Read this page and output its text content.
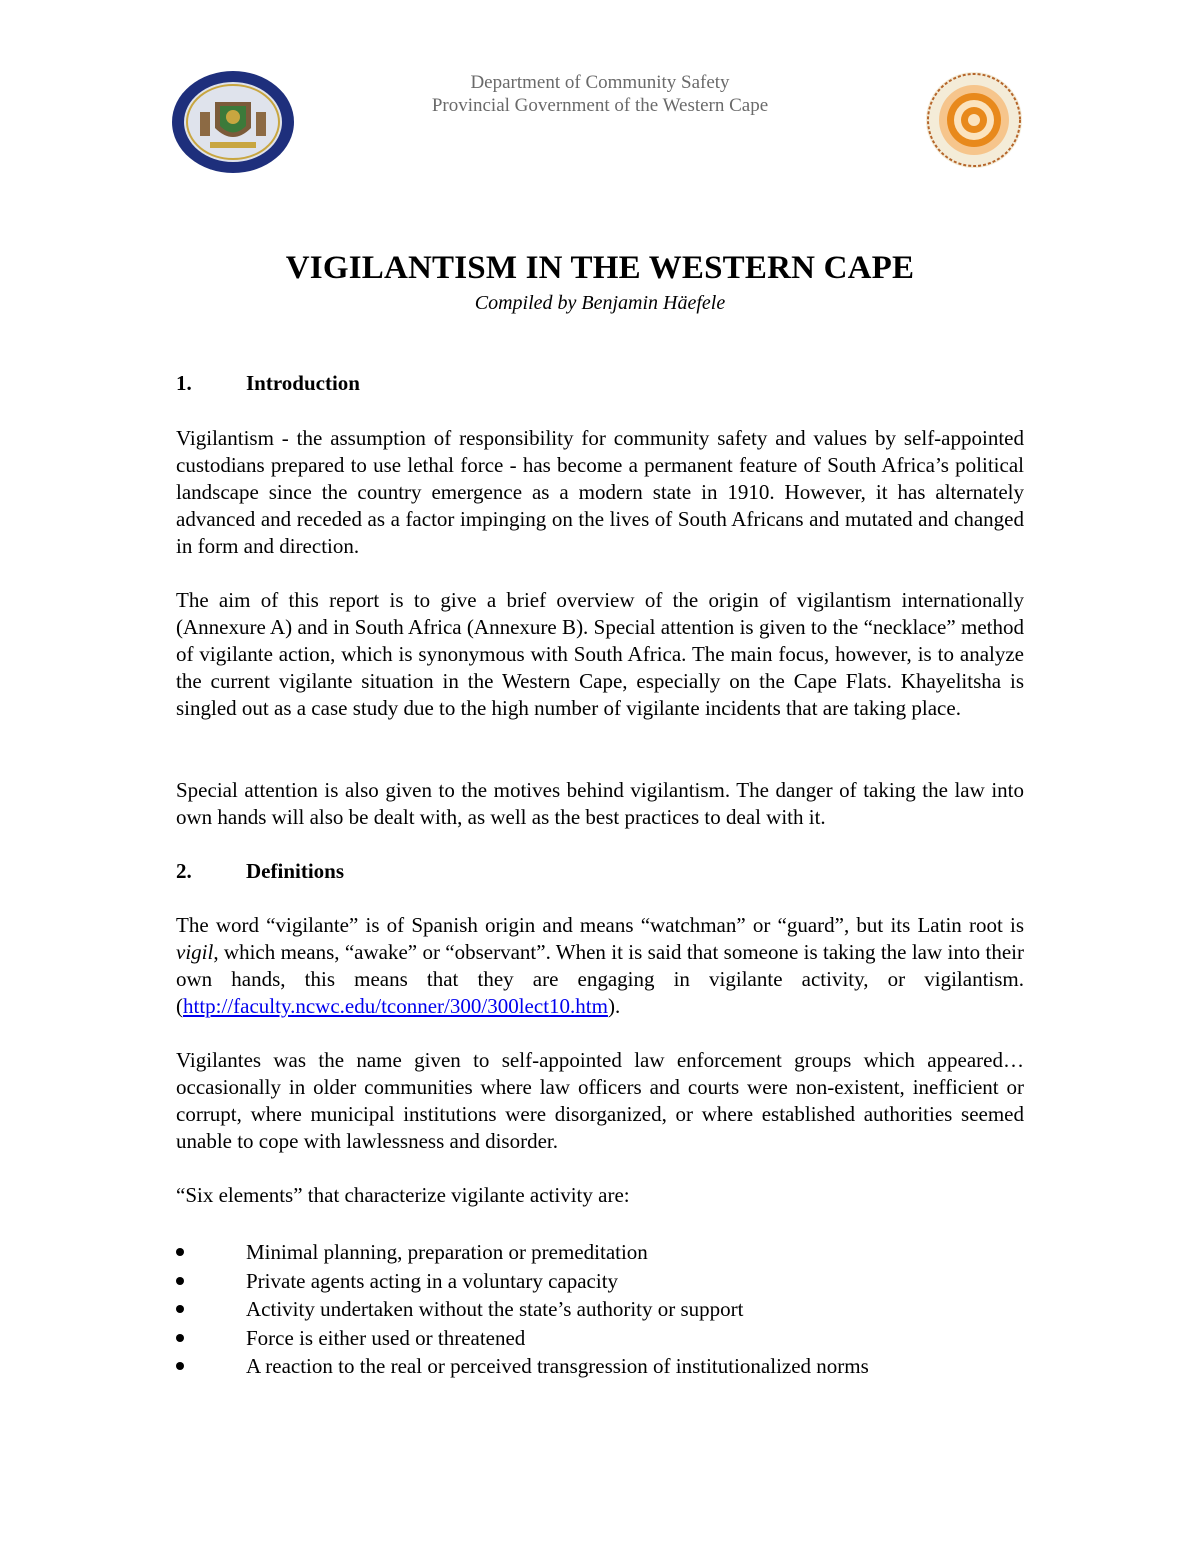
Department of Community Safety
Provincial Government of the Western Cape
VIGILANTISM IN THE WESTERN CAPE
Compiled by Benjamin Häefele
1.	Introduction

Vigilantism - the assumption of responsibility for community safety and values by self-appointed custodians prepared to use lethal force - has become a permanent feature of South Africa’s political landscape since the country emergence as a modern state in 1910. However, it has alternately advanced and receded as a factor impinging on the lives of South Africans and mutated and changed in form and direction.

The aim of this report is to give a brief overview of the origin of vigilantism internationally (Annexure A) and in South Africa (Annexure B). Special attention is given to the “necklace” method of vigilante action, which is synonymous with South Africa. The main focus, however, is to analyze the current vigilante situation in the Western Cape, especially on the Cape Flats. Khayelitsha is singled out as a case study due to the high number of vigilante incidents that are taking place.

Special attention is also given to the motives behind vigilantism. The danger of taking the law into own hands will also be dealt with, as well as the best practices to deal with it.

2.	Definitions

The word “vigilante” is of Spanish origin and means “watchman” or “guard”, but its Latin root is vigil, which means, “awake” or “observant”. When it is said that someone is taking the law into their own hands, this means that they are engaging in vigilante activity, or vigilantism. (http://faculty.ncwc.edu/tconner/300/300lect10.htm).

Vigilantes was the name given to self-appointed law enforcement groups which appeared…occasionally in older communities where law officers and courts were non-existent, inefficient or corrupt, where municipal institutions were disorganized, or where established authorities seemed unable to cope with lawlessness and disorder.

“Six elements” that characterize vigilante activity are:

Minimal planning, preparation or premeditation
Private agents acting in a voluntary capacity
Activity undertaken without the state’s authority or support
Force is either used or threatened
A reaction to the real or perceived transgression of institutionalized norms
